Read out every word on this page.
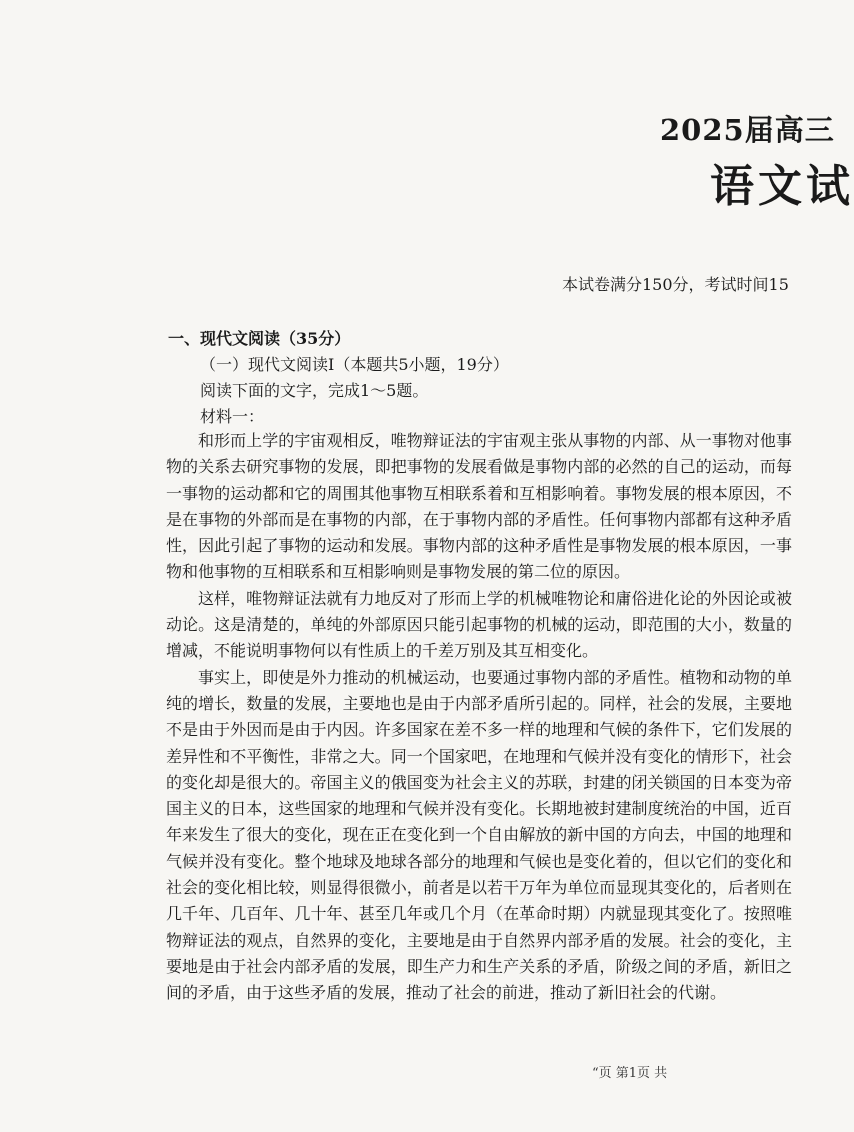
2025届高三
语文试
本试卷满分150分，考试时间15
一、现代文阅读（35分）
（一）现代文阅读Ⅰ（本题共5小题，19分）
阅读下面的文字，完成1～5题。
材料一：

和形而上学的宇宙观相反，唯物辩证法的宇宙观主张从事物的内部、从一事物对他事物的关系去研究事物的发展，即把事物的发展看做是事物内部的必然的自己的运动，而每一事物的运动都和它的周围其他事物互相联系着和互相影响着。事物发展的根本原因，不是在事物的外部而是在事物的内部，在于事物内部的矛盾性。任何事物内部都有这种矛盾性，因此引起了事物的运动和发展。事物内部的这种矛盾性是事物发展的根本原因，一事物和他事物的互相联系和互相影响则是事物发展的第二位的原因。

这样，唯物辩证法就有力地反对了形而上学的机械唯物论和庸俗进化论的外因论或被动论。这是清楚的，单纯的外部原因只能引起事物的机械的运动，即范围的大小，数量的增减，不能说明事物何以有性质上的千差万别及其互相变化。

事实上，即使是外力推动的机械运动，也要通过事物内部的矛盾性。植物和动物的单纯的增长，数量的发展，主要地也是由于内部矛盾所引起的。同样，社会的发展，主要地不是由于外因而是由于内因。许多国家在差不多一样的地理和气候的条件下，它们发展的差异性和不平衡性，非常之大。同一个国家吧，在地理和气候并没有变化的情形下，社会的变化却是很大的。帝国主义的俄国变为社会主义的苏联，封建的闭关锁国的日本变为帝国主义的日本，这些国家的地理和气候并没有变化。长期地被封建制度统治的中国，近百年来发生了很大的变化，现在正在变化到一个自由解放的新中国的方向去，中国的地理和气候并没有变化。整个地球及地球各部分的地理和气候也是变化着的，但以它们的变化和社会的变化相比较，则显得很微小，前者是以若干万年为单位而显现其变化的，后者则在几千年、几百年、几十年、甚至几年或几个月（在革命时期）内就显现其变化了。按照唯物辩证法的观点，自然界的变化，主要地是由于自然界内部矛盾的发展。社会的变化，主要地是由于社会内部矛盾的发展，即生产力和生产关系的矛盾，阶级之间的矛盾，新旧之间的矛盾，由于这些矛盾的发展，推动了社会的前进，推动了新旧社会的代谢。

“页 第1页 共
